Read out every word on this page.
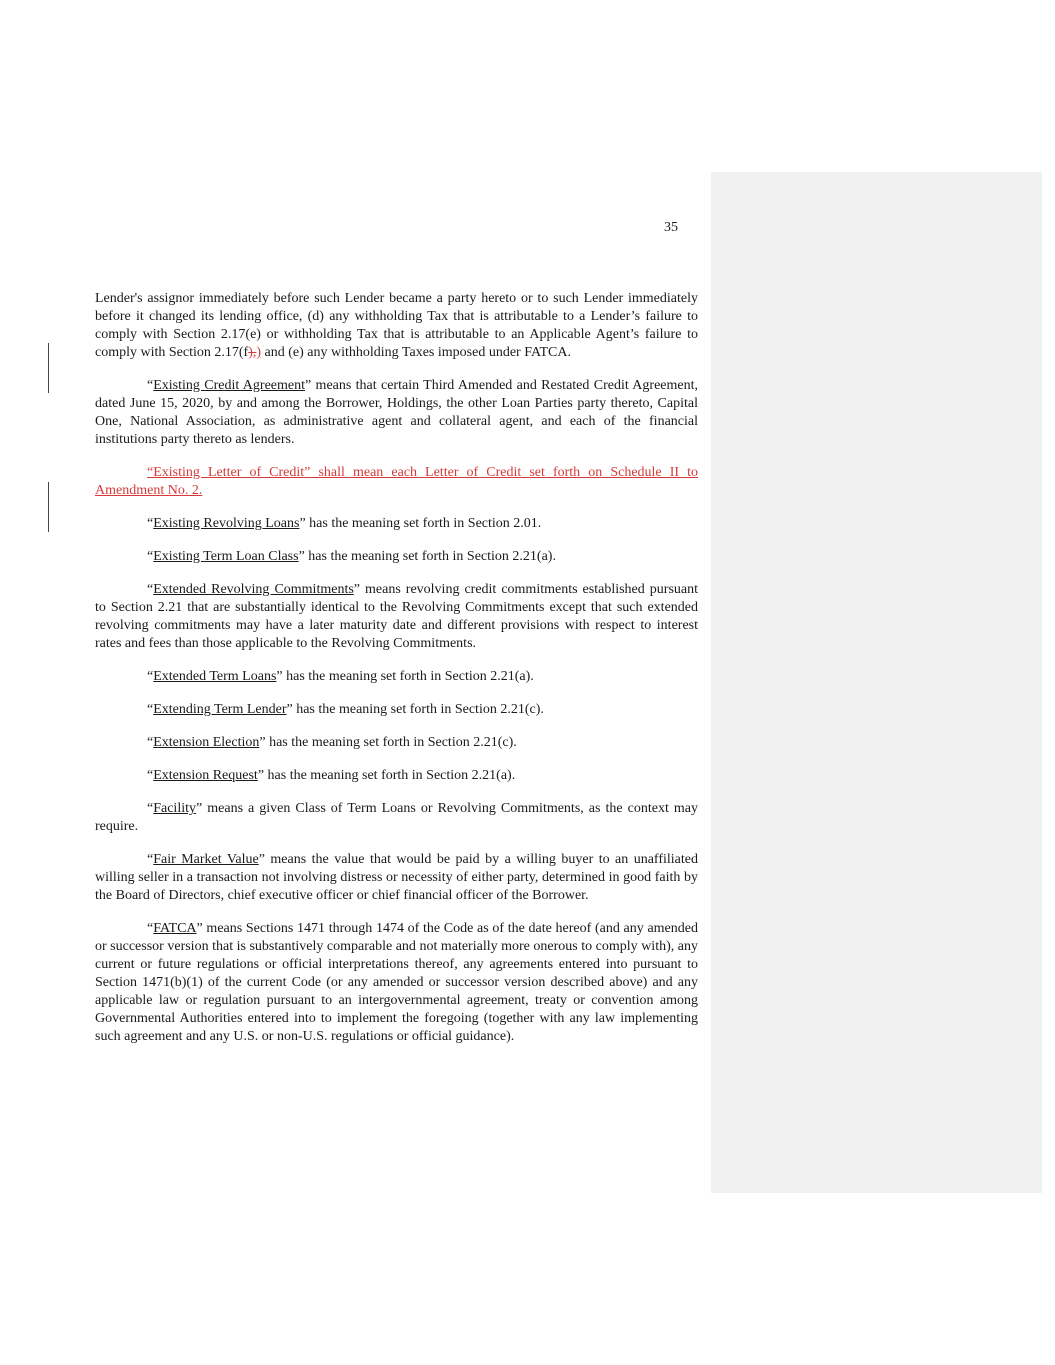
35

Lender's assignor immediately before such Lender became a party hereto or to such Lender immediately before it changed its lending office, (d) any withholding Tax that is attributable to a Lender’s failure to comply with Section 2.17(e) or withholding Tax that is attributable to an Applicable Agent’s failure to comply with Section 2.17(f),) and (e) any withholding Taxes imposed under FATCA.

“Existing Credit Agreement” means that certain Third Amended and Restated Credit Agreement, dated June 15, 2020, by and among the Borrower, Holdings, the other Loan Parties party thereto, Capital One, National Association, as administrative agent and collateral agent, and each of the financial institutions party thereto as lenders.

“Existing Letter of Credit” shall mean each Letter of Credit set forth on Schedule II to Amendment No. 2.

“Existing Revolving Loans” has the meaning set forth in Section 2.01.

“Existing Term Loan Class” has the meaning set forth in Section 2.21(a).

“Extended Revolving Commitments” means revolving credit commitments established pursuant to Section 2.21 that are substantially identical to the Revolving Commitments except that such extended revolving commitments may have a later maturity date and different provisions with respect to interest rates and fees than those applicable to the Revolving Commitments.

“Extended Term Loans” has the meaning set forth in Section 2.21(a).

“Extending Term Lender” has the meaning set forth in Section 2.21(c).

“Extension Election” has the meaning set forth in Section 2.21(c).

“Extension Request” has the meaning set forth in Section 2.21(a).

“Facility” means a given Class of Term Loans or Revolving Commitments, as the context may require.

“Fair Market Value” means the value that would be paid by a willing buyer to an unaffiliated willing seller in a transaction not involving distress or necessity of either party, determined in good faith by the Board of Directors, chief executive officer or chief financial officer of the Borrower.

“FATCA” means Sections 1471 through 1474 of the Code as of the date hereof (and any amended or successor version that is substantively comparable and not materially more onerous to comply with), any current or future regulations or official interpretations thereof, any agreements entered into pursuant to Section 1471(b)(1) of the current Code (or any amended or successor version described above) and any applicable law or regulation pursuant to an intergovernmental agreement, treaty or convention among Governmental Authorities entered into to implement the foregoing (together with any law implementing such agreement and any U.S. or non-U.S. regulations or official guidance).
